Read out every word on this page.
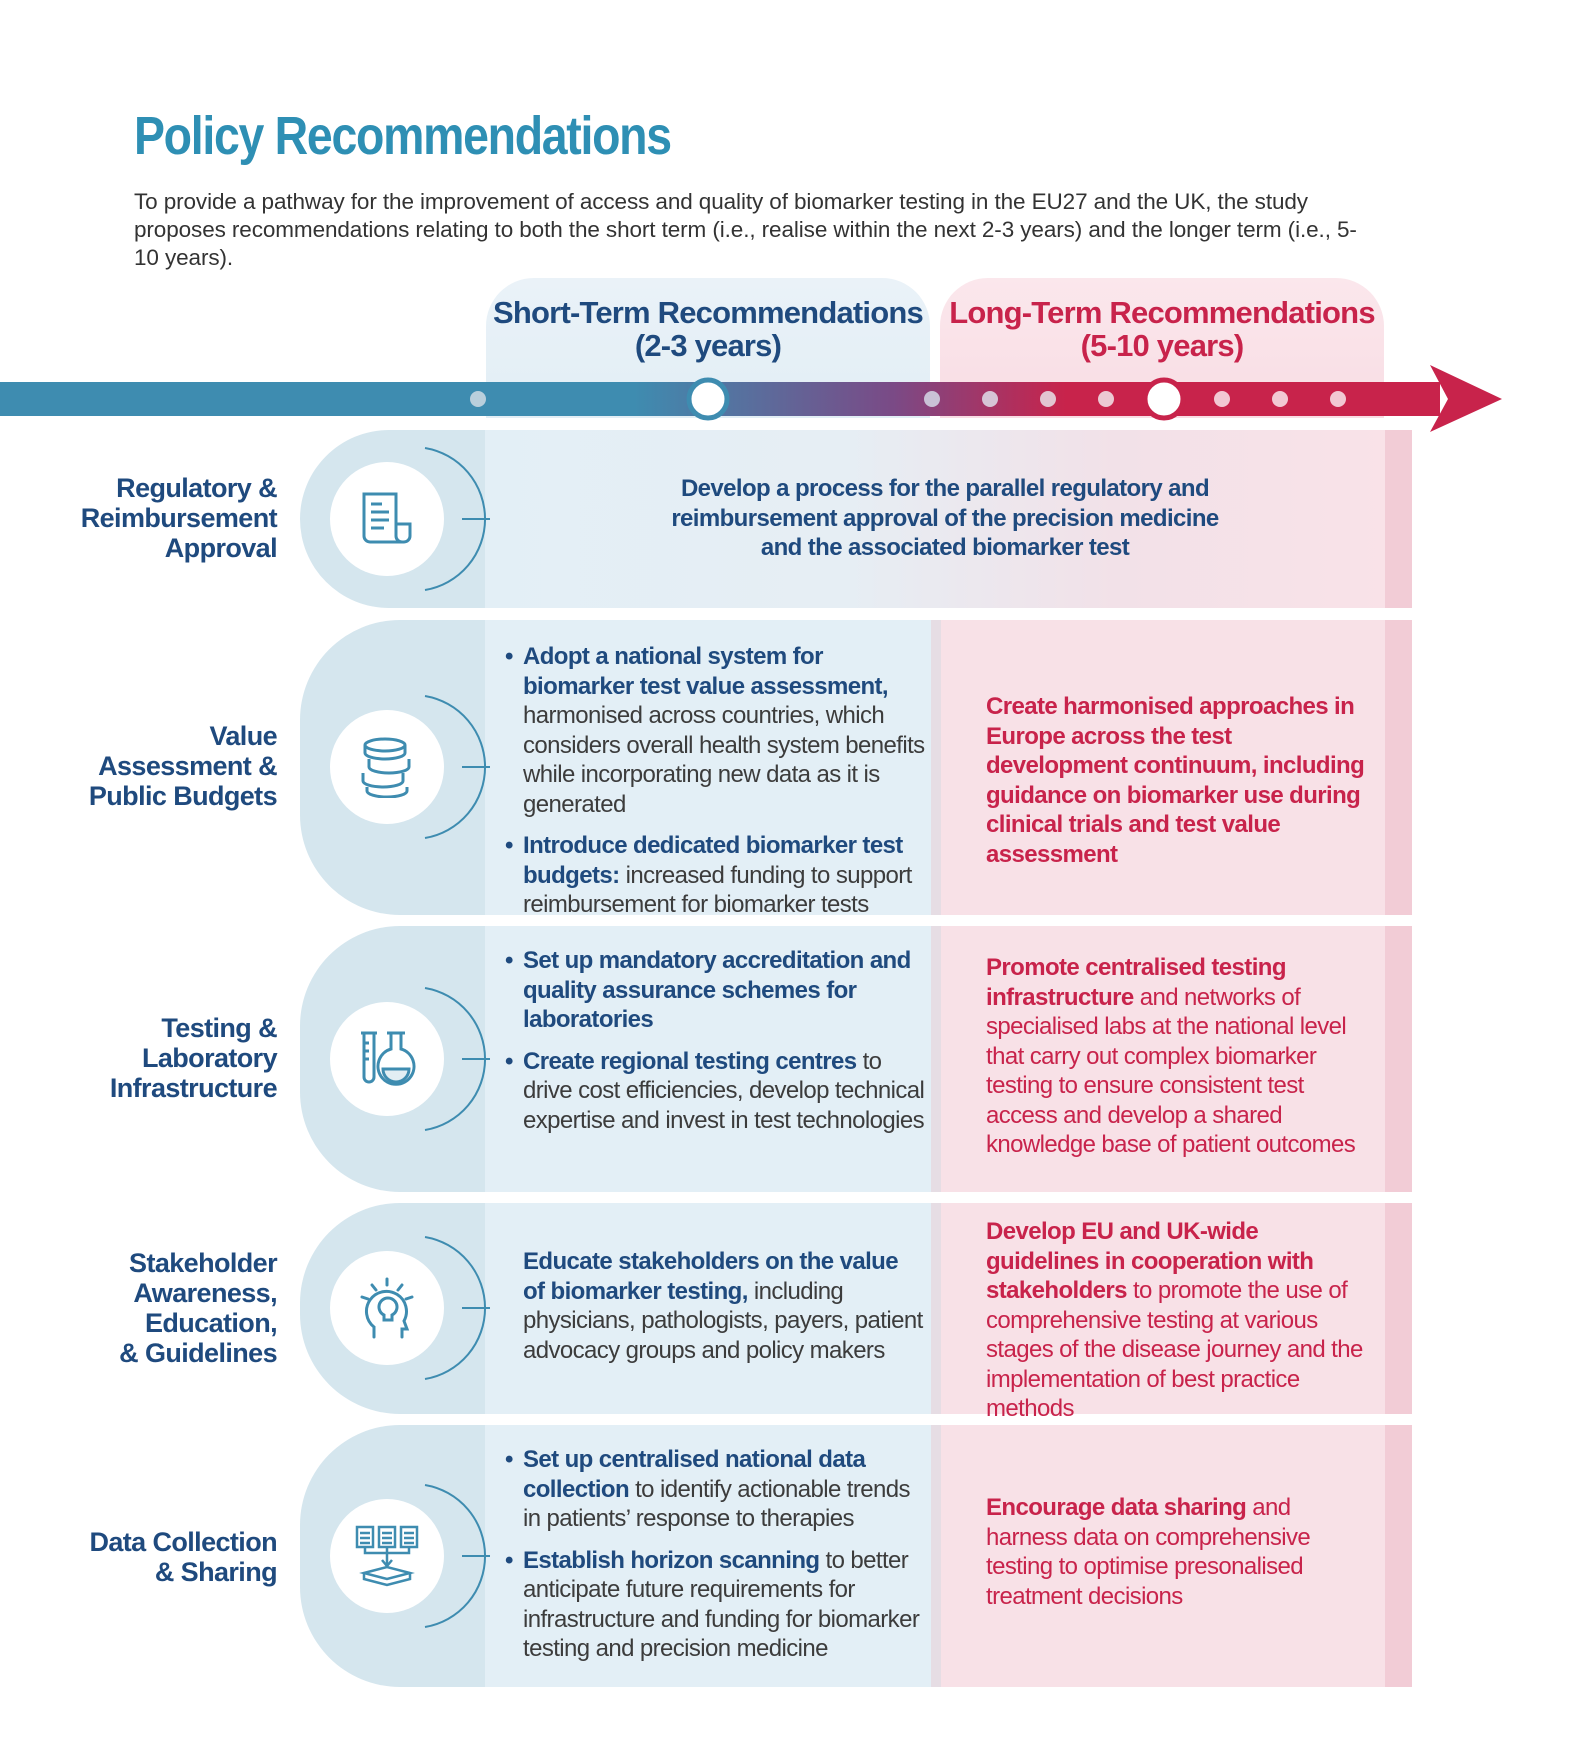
Policy Recommendations

To provide a pathway for the improvement of access and quality of biomarker testing in the EU27 and the UK, the study proposes recommendations relating to both the short term (i.e., realise within the next 2-3 years) and the longer term (i.e., 5-10 years).

Short-Term Recommendations
(2-3 years)
Long-Term Recommendations
(5-10 years)
Develop a process for the parallel regulatory and
reimbursement approval of the precision medicine
and the associated biomarker test
Regulatory &
Reimbursement
Approval
• Adopt a national system for biomarker test value assessment, harmonised across countries, which considers overall health system benefits while incorporating new data as it is generated
• Introduce dedicated biomarker test budgets: increased funding to support reimbursement for biomarker tests
Create harmonised approaches in Europe across the test development continuum, including guidance on biomarker use during clinical trials and test value assessment
Value
Assessment &
Public Budgets
• Set up mandatory accreditation and quality assurance schemes for laboratories
• Create regional testing centres to drive cost efficiencies, develop technical expertise and invest in test technologies
Promote centralised testing infrastructure and networks of specialised labs at the national level that carry out complex biomarker testing to ensure consistent test access and develop a shared knowledge base of patient outcomes
Testing &
Laboratory
Infrastructure
Educate stakeholders on the value of biomarker testing, including physicians, pathologists, payers, patient advocacy groups and policy makers
Develop EU and UK-wide guidelines in cooperation with stakeholders to promote the use of comprehensive testing at various stages of the disease journey and the implementation of best practice methods
Stakeholder
Awareness,
Education,
& Guidelines
• Set up centralised national data collection to identify actionable trends in patients’ response to therapies
• Establish horizon scanning to better anticipate future requirements for infrastructure and funding for biomarker testing and precision medicine
Encourage data sharing and harness data on comprehensive testing to optimise presonalised treatment decisions
Data Collection
& Sharing
